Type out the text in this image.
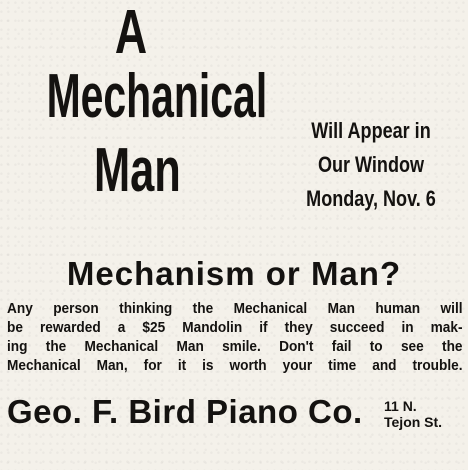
A
Mechanical
Man
Will Appear in
Our Window
Monday, Nov. 6
Mechanism or Man?
Any person thinking the Mechanical Man human will
be rewarded a $25 Mandolin if they succeed in mak-
ing the Mechanical Man smile. Don't fail to see the
Mechanical Man, for it is worth your time and trouble.
Geo. F. Bird Piano Co. 11 N.
Tejon St.
